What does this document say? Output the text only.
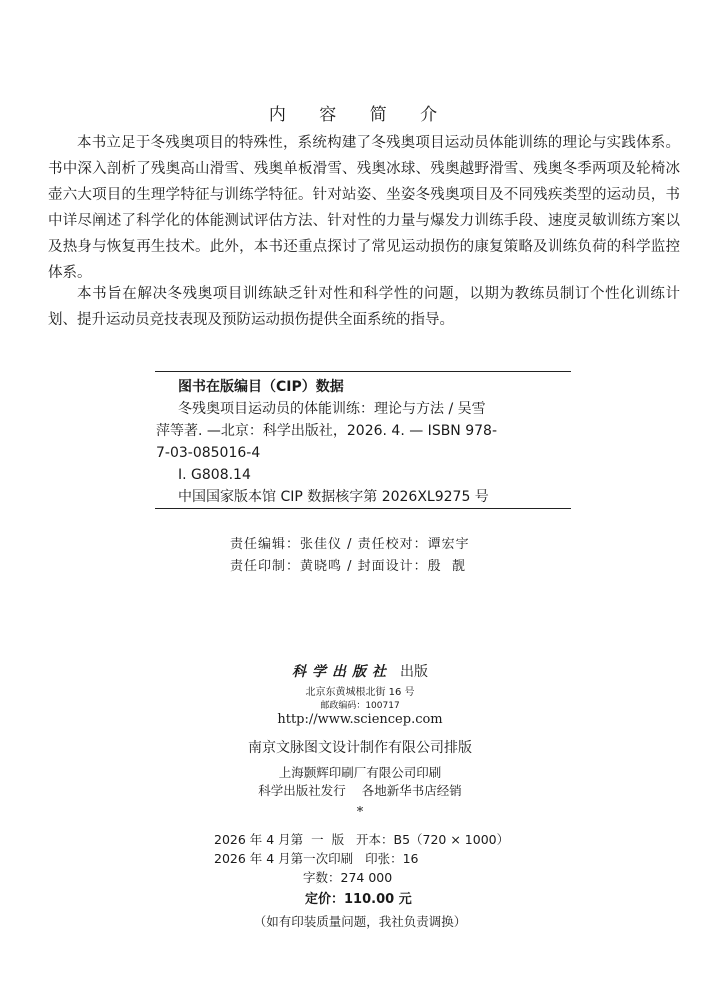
内 容 简 介

本书立足于冬残奥项目的特殊性，系统构建了冬残奥项目运动员体能训练的理论与实践体系。书中深入剖析了残奥高山滑雪、残奥单板滑雪、残奥冰球、残奥越野滑雪、残奥冬季两项及轮椅冰壶六大项目的生理学特征与训练学特征。针对站姿、坐姿冬残奥项目及不同残疾类型的运动员，书中详尽阐述了科学化的体能测试评估方法、针对性的力量与爆发力训练手段、速度灵敏训练方案以及热身与恢复再生技术。此外，本书还重点探讨了常见运动损伤的康复策略及训练负荷的科学监控体系。

本书旨在解决冬残奥项目训练缺乏针对性和科学性的问题，以期为教练员制订个性化训练计划、提升运动员竞技表现及预防运动损伤提供全面系统的指导。

图书在版编目（CIP）数据
冬残奥项目运动员的体能训练：理论与方法 / 吴雪
萍等著. —北京：科学出版社，2026. 4. — ISBN 978-
7-03-085016-4
Ⅰ. G808.14
中国国家版本馆 CIP 数据核字第 2026XL9275 号
责任编辑：张佳仪 / 责任校对：谭宏宇
责任印制：黄晓鸣 / 封面设计：殷  靓
科学出版社 出版
北京东黄城根北街 16 号
邮政编码：100717
http://www.sciencep.com
南京文脉图文设计制作有限公司排版
上海颢辉印刷厂有限公司印刷
科学出版社发行    各地新华书店经销
*
2026 年 4 月第  一  版   开本：B5（720 × 1000）
2026 年 4 月第一次印刷   印张：16
字数：274 000
定价：110.00 元
（如有印装质量问题，我社负责调换）
